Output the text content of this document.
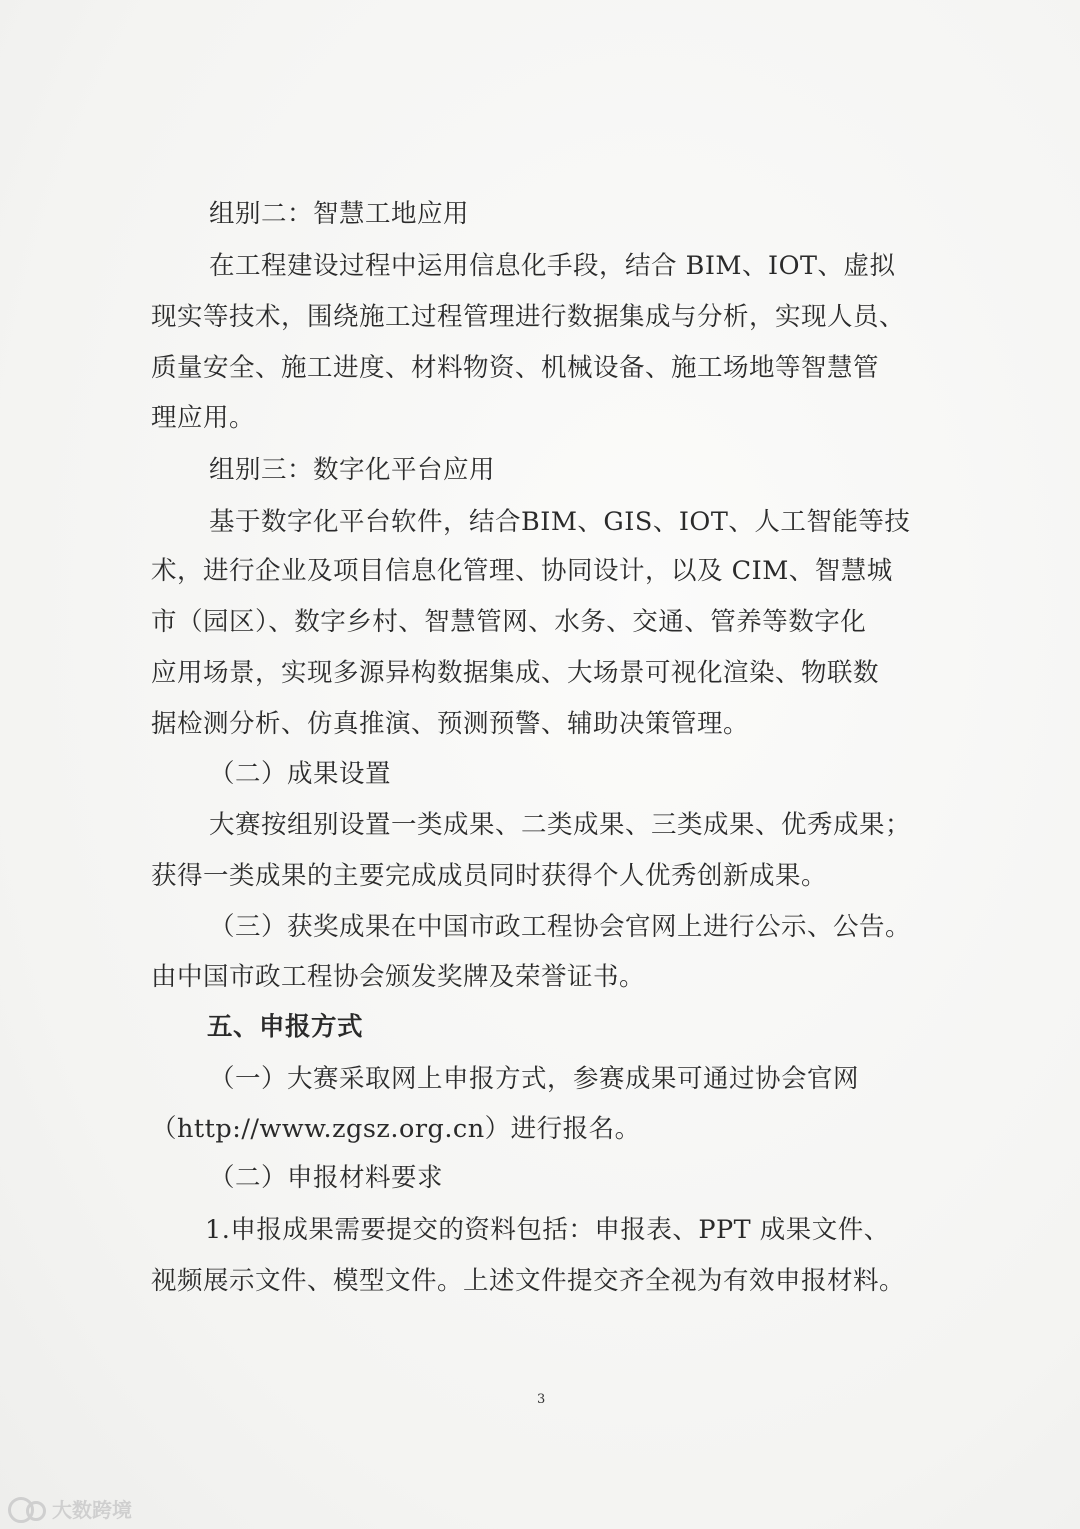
组别二：智慧工地应用
在工程建设过程中运用信息化手段，结合 BIM、IOT、虚拟
现实等技术，围绕施工过程管理进行数据集成与分析，实现人员、
质量安全、施工进度、材料物资、机械设备、施工场地等智慧管
理应用。
组别三：数字化平台应用
基于数字化平台软件，结合BIM、GIS、IOT、人工智能等技
术，进行企业及项目信息化管理、协同设计，以及 CIM、智慧城
市（园区）、数字乡村、智慧管网、水务、交通、管养等数字化
应用场景，实现多源异构数据集成、大场景可视化渲染、物联数
据检测分析、仿真推演、预测预警、辅助决策管理。
（二）成果设置
大赛按组别设置一类成果、二类成果、三类成果、优秀成果；
获得一类成果的主要完成成员同时获得个人优秀创新成果。
（三）获奖成果在中国市政工程协会官网上进行公示、公告。
由中国市政工程协会颁发奖牌及荣誉证书。
五、申报方式
（一）大赛采取网上申报方式，参赛成果可通过协会官网
（http://www.zgsz.org.cn）进行报名。
（二）申报材料要求
1.申报成果需要提交的资料包括：申报表、PPT 成果文件、
视频展示文件、模型文件。上述文件提交齐全视为有效申报材料。
3
大数跨境
